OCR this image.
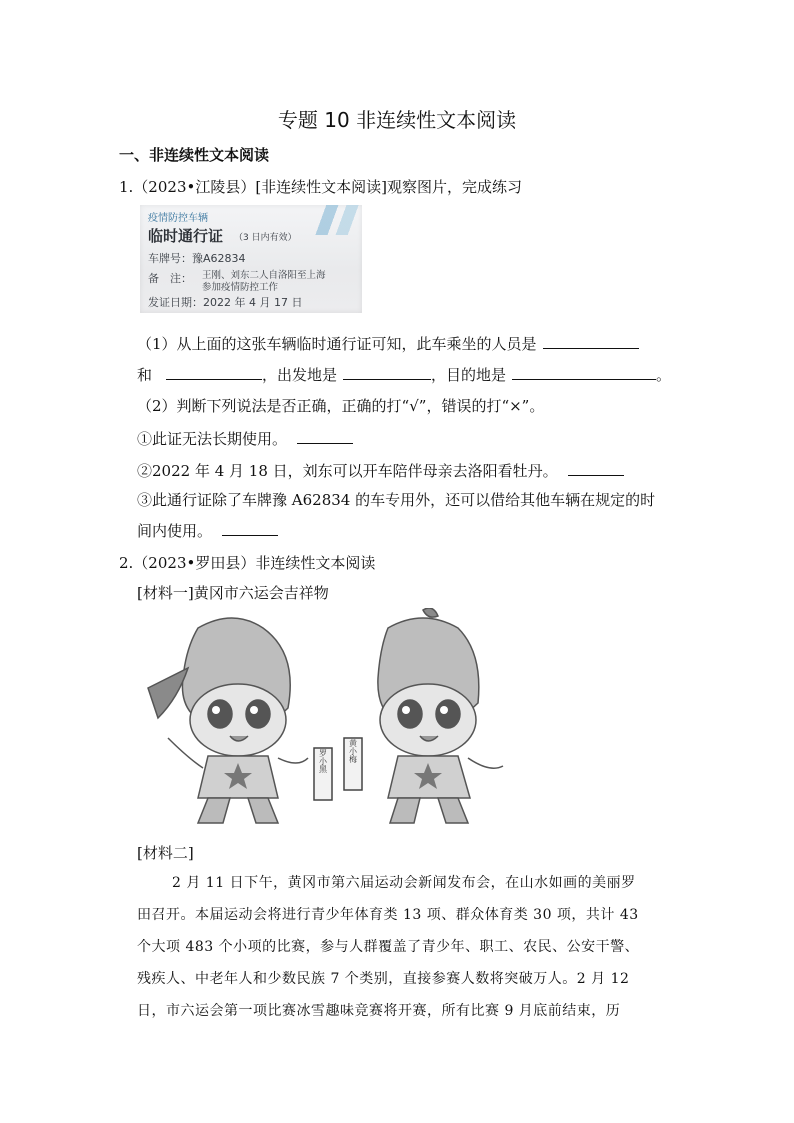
专题 10 非连续性文本阅读
一、非连续性文本阅读
1.（2023•江陵县）[非连续性文本阅读]观察图片，完成练习
疫情防控车辆
临时通行证 （3 日内有效）
车牌号：豫A62834
备　注： 王刚、刘东二人自洛阳至上海
参加疫情防控工作
发证日期：2022 年 4 月 17 日
（1）从上面的这张车辆临时通行证可知，此车乘坐的人员是
和	，出发地是	，目的地是	。
（2）判断下列说法是否正确，正确的打“√”，错误的打“×”。
①此证无法长期使用。
②2022 年 4 月 18 日，刘东可以开车陪伴母亲去洛阳看牡丹。
③此通行证除了车牌豫 A62834 的车专用外，还可以借给其他车辆在规定的时
间内使用。
2.（2023•罗田县）非连续性文本阅读
[材料一]黄冈市六运会吉祥物
罗小黑	黄小梅
[材料二]
2 月 11 日下午，黄冈市第六届运动会新闻发布会，在山水如画的美丽罗
田召开。本届运动会将进行青少年体育类 13 项、群众体育类 30 项，共计 43
个大项 483 个小项的比赛，参与人群覆盖了青少年、职工、农民、公安干警、
残疾人、中老年人和少数民族 7 个类别，直接参赛人数将突破万人。2 月 12
日，市六运会第一项比赛冰雪趣味竞赛将开赛，所有比赛 9 月底前结束，历
